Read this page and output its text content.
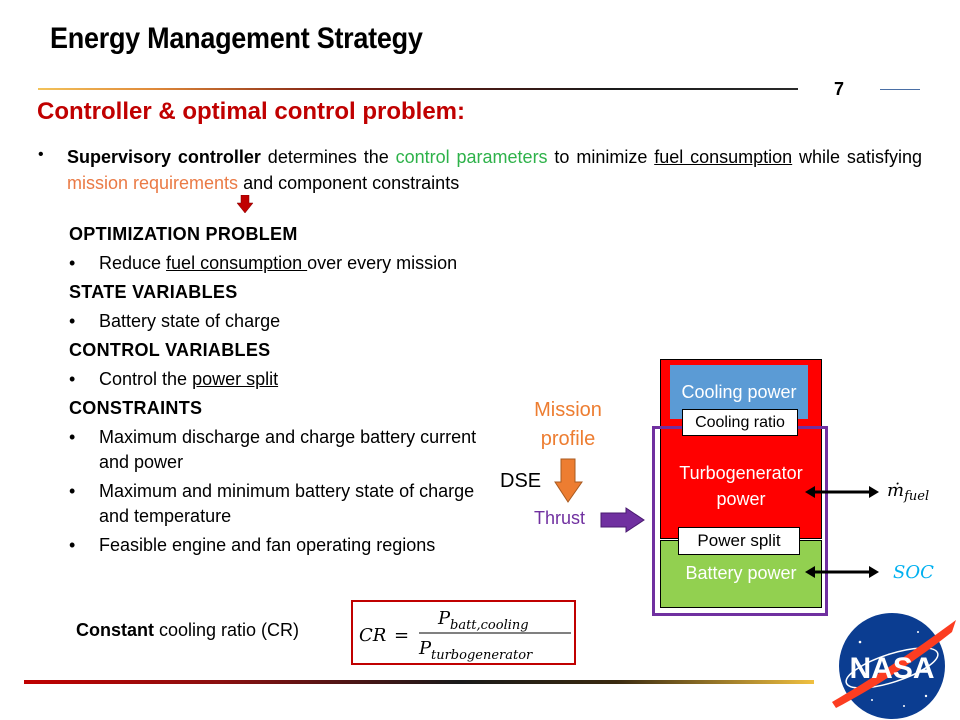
Energy Management Strategy
7
Controller & optimal control problem:
• Supervisory controller determines the control parameters to minimize fuel consumption while satisfying mission requirements and component constraints
OPTIMIZATION PROBLEM
• Reduce fuel consumption over every mission
STATE VARIABLES
• Battery state of charge
CONTROL VARIABLES
• Control the power split
CONSTRAINTS
• Maximum discharge and charge battery current and power
• Maximum and minimum battery state of charge and temperature
• Feasible engine and fan operating regions
Constant cooling ratio (CR)	CR =
P batt,cooling
P turbogenerator
Mission profile
DSE
Thrust
Cooling power
Turbogenerator power
Battery power
Cooling ratio
Power split
ṁ$_{fuel}$
SOC
NASA
